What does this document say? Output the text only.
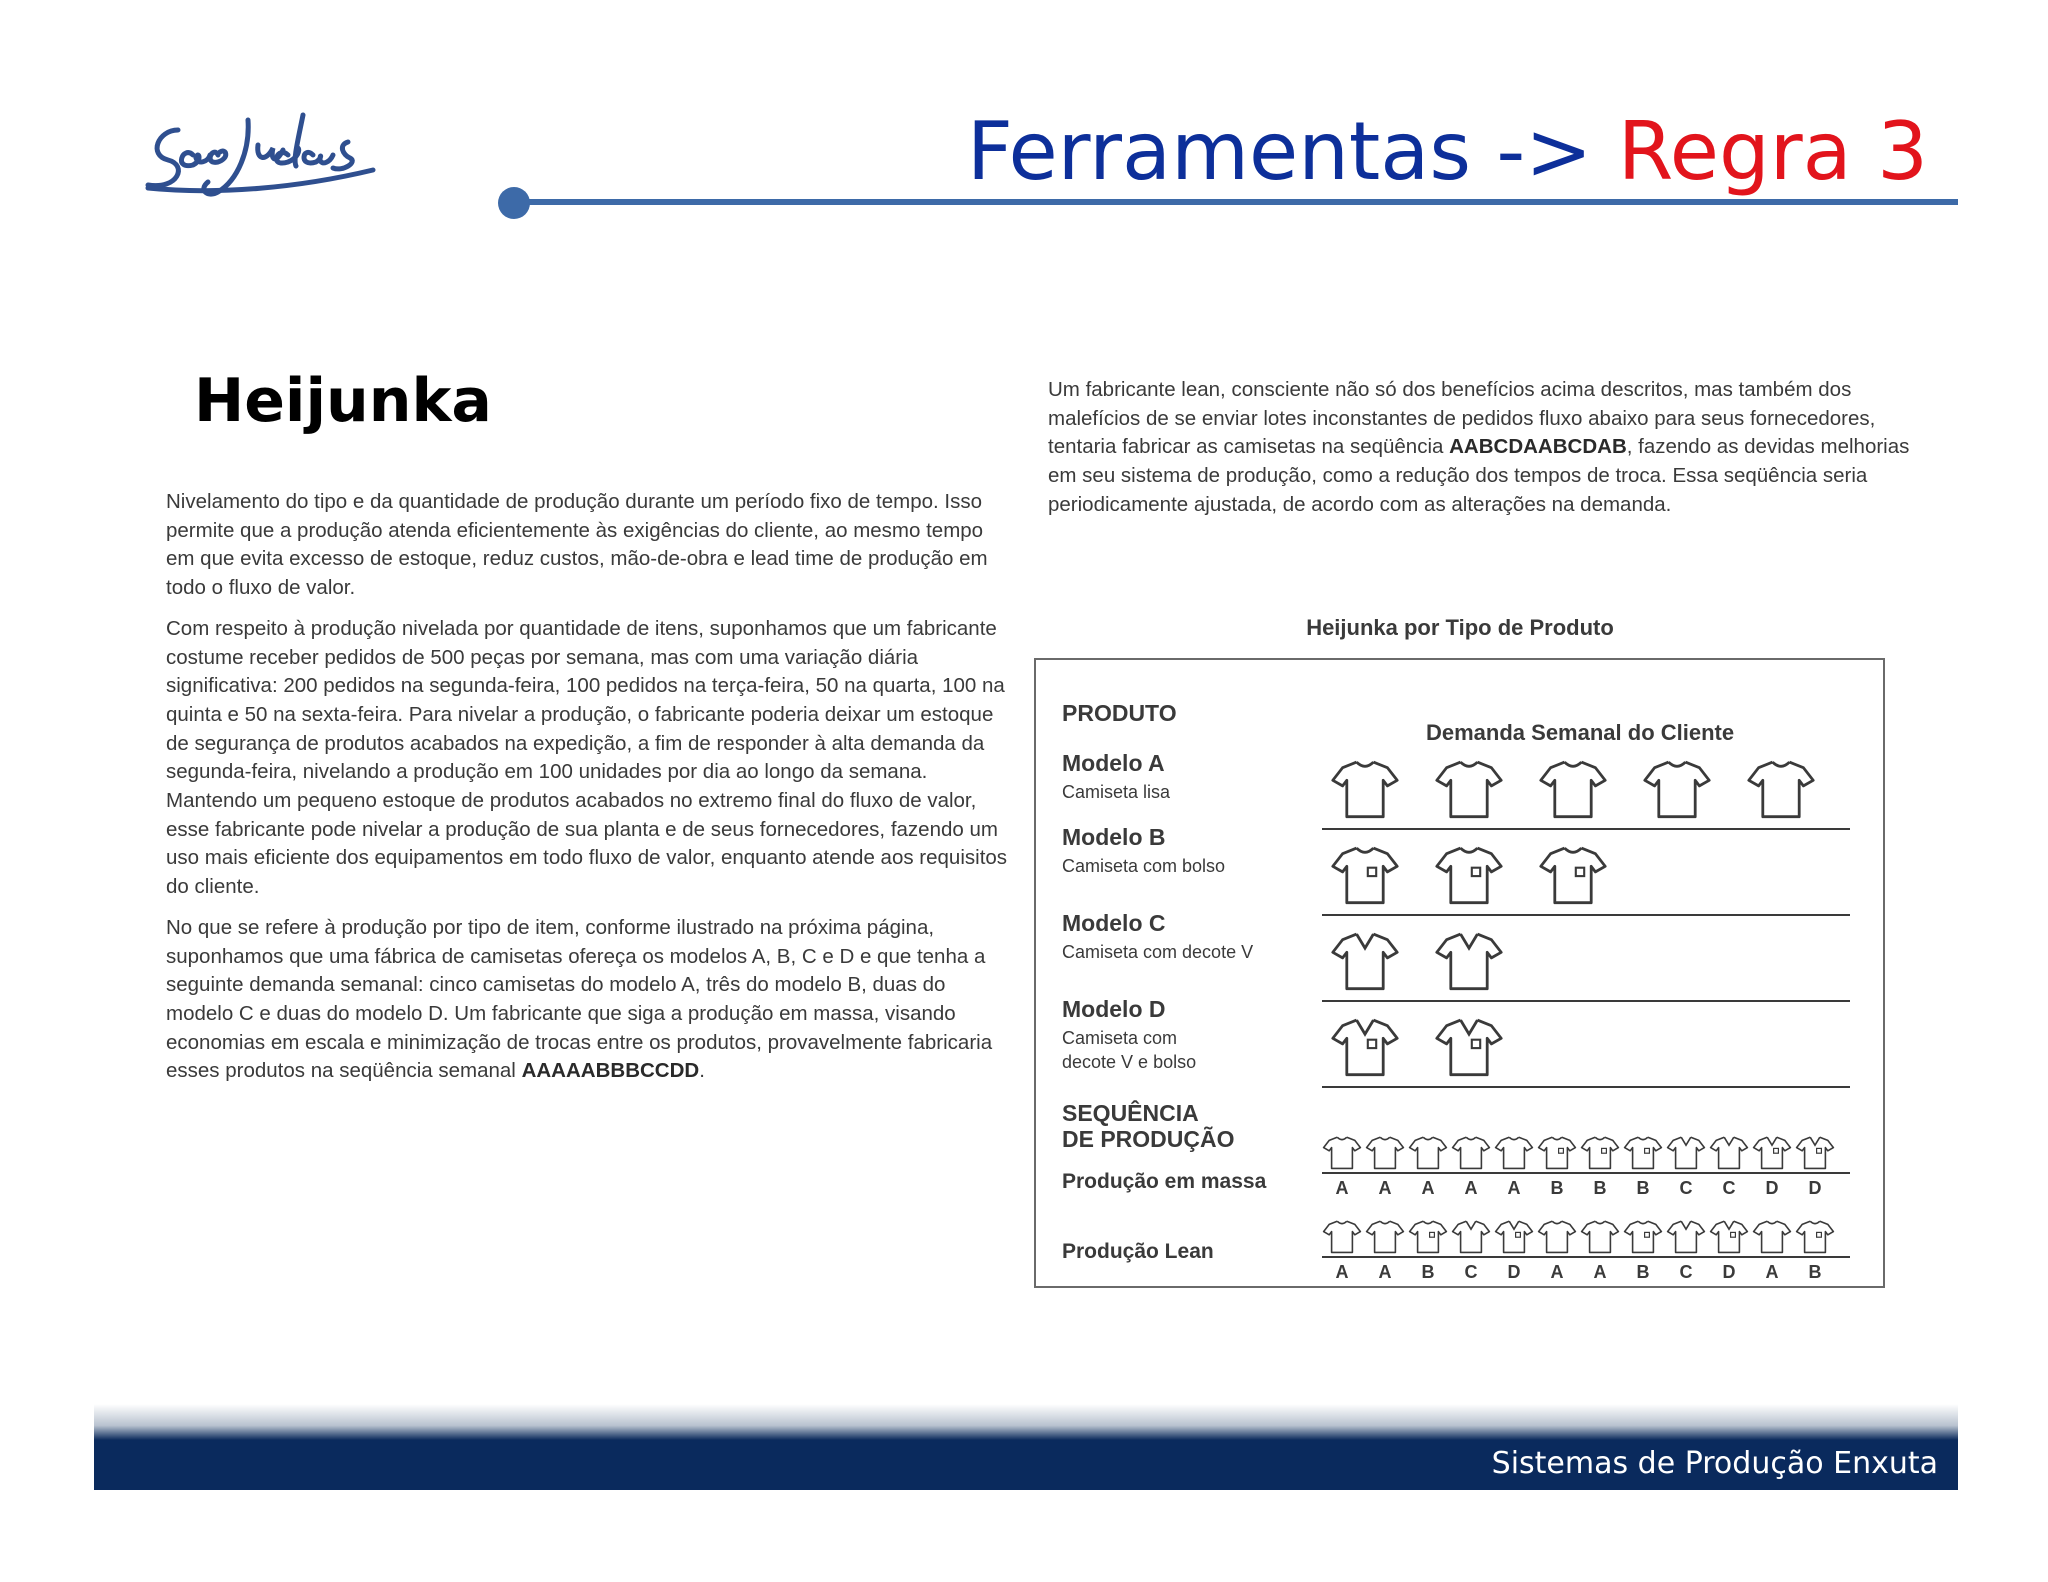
São Judas
Ferramentas -> Regra 3
Heijunka

Nivelamento do tipo e da quantidade de produção durante um período fixo de tempo. Isso permite que a produção atenda eficientemente às exigências do cliente, ao mesmo tempo em que evita excesso de estoque, reduz custos, mão-de-obra e lead time de produção em todo o fluxo de valor.

Com respeito à produção nivelada por quantidade de itens, suponhamos que um fabricante costume receber pedidos de 500 peças por semana, mas com uma variação diária significativa: 200 pedidos na segunda-feira, 100 pedidos na terça-feira, 50 na quarta, 100 na quinta e 50 na sexta-feira. Para nivelar a produção, o fabricante poderia deixar um estoque de segurança de produtos acabados na expedição, a fim de responder à alta demanda da segunda-feira, nivelando a produção em 100 unidades por dia ao longo da semana. Mantendo um pequeno estoque de produtos acabados no extremo final do fluxo de valor, esse fabricante pode nivelar a produção de sua planta e de seus fornecedores, fazendo um uso mais eficiente dos equipamentos em todo fluxo de valor, enquanto atende aos requisitos do cliente.

No que se refere à produção por tipo de item, conforme ilustrado na próxima página, suponhamos que uma fábrica de camisetas ofereça os modelos A, B, C e D e que tenha a seguinte demanda semanal: cinco camisetas do modelo A, três do modelo B, duas do modelo C e duas do modelo D. Um fabricante que siga a produção em massa, visando economias em escala e minimização de trocas entre os produtos, provavelmente fabricaria esses produtos na seqüência semanal AAAAABBBCCDD.

Um fabricante lean, consciente não só dos benefícios acima descritos, mas também dos malefícios de se enviar lotes inconstantes de pedidos fluxo abaixo para seus fornecedores, tentaria fabricar as camisetas na seqüência AABCDAABCDAB, fazendo as devidas melhorias em seu sistema de produção, como a redução dos tempos de troca. Essa seqüência seria periodicamente ajustada, de acordo com as alterações na demanda.

Heijunka por Tipo de Produto
PRODUTO
Demanda Semanal do Cliente
Modelo A
Camiseta lisa
Modelo B
Camiseta com bolso
Modelo C
Camiseta com decote V
Modelo D
Camiseta com
decote V e bolso
SEQUÊNCIA
DE PRODUÇÃO
Produção em massa
Produção Lean
A A A A A B B B C C D D
A A B C D A A B C D A B
Sistemas de Produção Enxuta
